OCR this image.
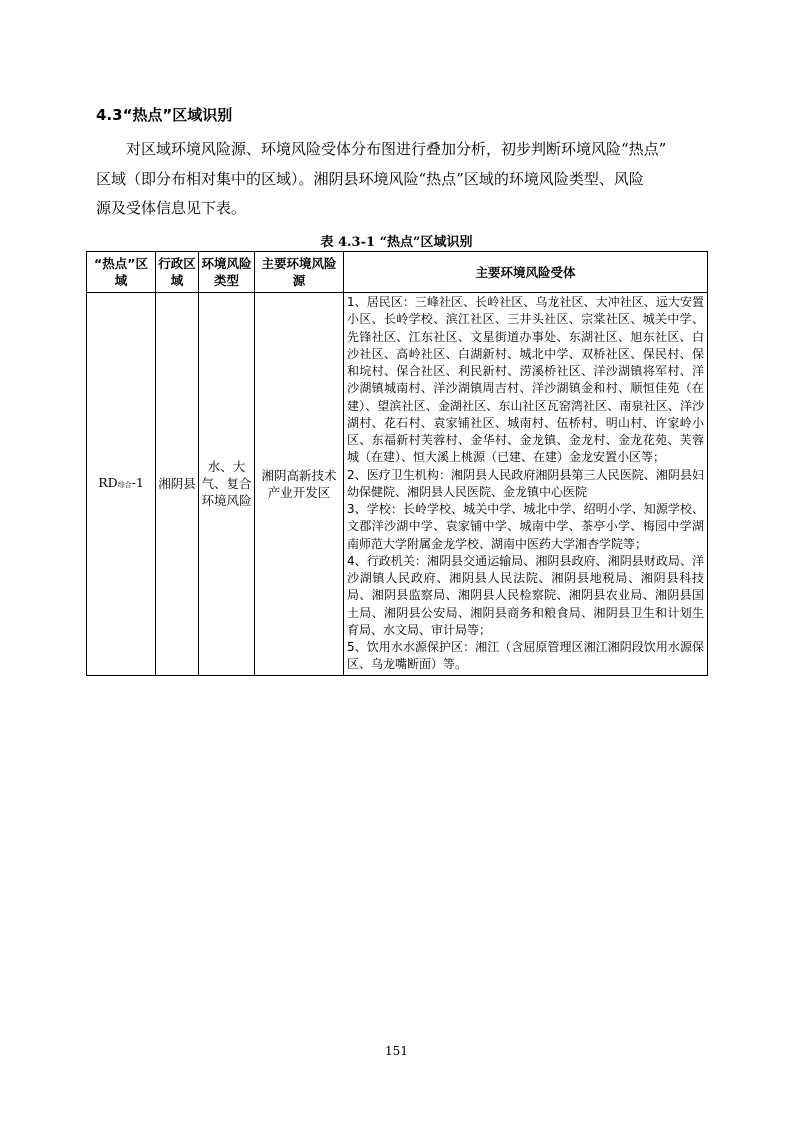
4.3“热点”区域识别
对区域环境风险源、环境风险受体分布图进行叠加分析，初步判断环境风险“热点”
区域（即分布相对集中的区域）。湘阴县环境风险“热点”区域的环境风险类型、风险
源及受体信息见下表。
表 4.3-1 “热点”区域识别
“热点”区域	行政区域	环境风险类型	主要环境风险源	主要环境风险受体
RD综合-1	湘阴县	水、大气、复合环境风险	湘阴高新技术产业开发区	1、居民区：三峰社区、长岭社区、乌龙社区、大冲社区、远大安置小区、长岭学校、滨江社区、三井头社区、宗棠社区、城关中学、先锋社区、江东社区、文星街道办事处、东湖社区、旭东社区、白沙社区、高岭社区、白湖新村、城北中学、双桥社区、保民村、保和垸村、保合社区、利民新村、涝溪桥社区、洋沙湖镇将军村、洋沙湖镇城南村、洋沙湖镇周吉村、洋沙湖镇金和村、顺恒佳苑（在建）、望滨社区、金湖社区、东山社区瓦窑湾社区、南泉社区、洋沙湖村、花石村、袁家铺社区、城南村、伍桥村、明山村、许家岭小区、东福新村芙蓉村、金华村、金龙镇、金龙村、金龙花苑、芙蓉城（在建）、恒大溪上桃源（已建、在建）金龙安置小区等；
2、医疗卫生机构：湘阴县人民政府湘阴县第三人民医院、湘阴县妇幼保健院、湘阴县人民医院、金龙镇中心医院
3、学校：长岭学校、城关中学、城北中学、绍明小学、知源学校、文郡洋沙湖中学、袁家铺中学、城南中学、茶亭小学、梅园中学湖南师范大学附属金龙学校、湖南中医药大学湘杏学院等；
4、行政机关：湘阴县交通运输局、湘阴县政府、湘阴县财政局、洋沙湖镇人民政府、湘阴县人民法院、湘阴县地税局、湘阴县科技局、湘阴县监察局、湘阴县人民检察院、湘阴县农业局、湘阴县国土局、湘阴县公安局、湘阴县商务和粮食局、湘阴县卫生和计划生育局、水文局、审计局等；
5、饮用水水源保护区：湘江（含屈原管理区湘江湘阴段饮用水源保区、乌龙嘴断面）等。
151
